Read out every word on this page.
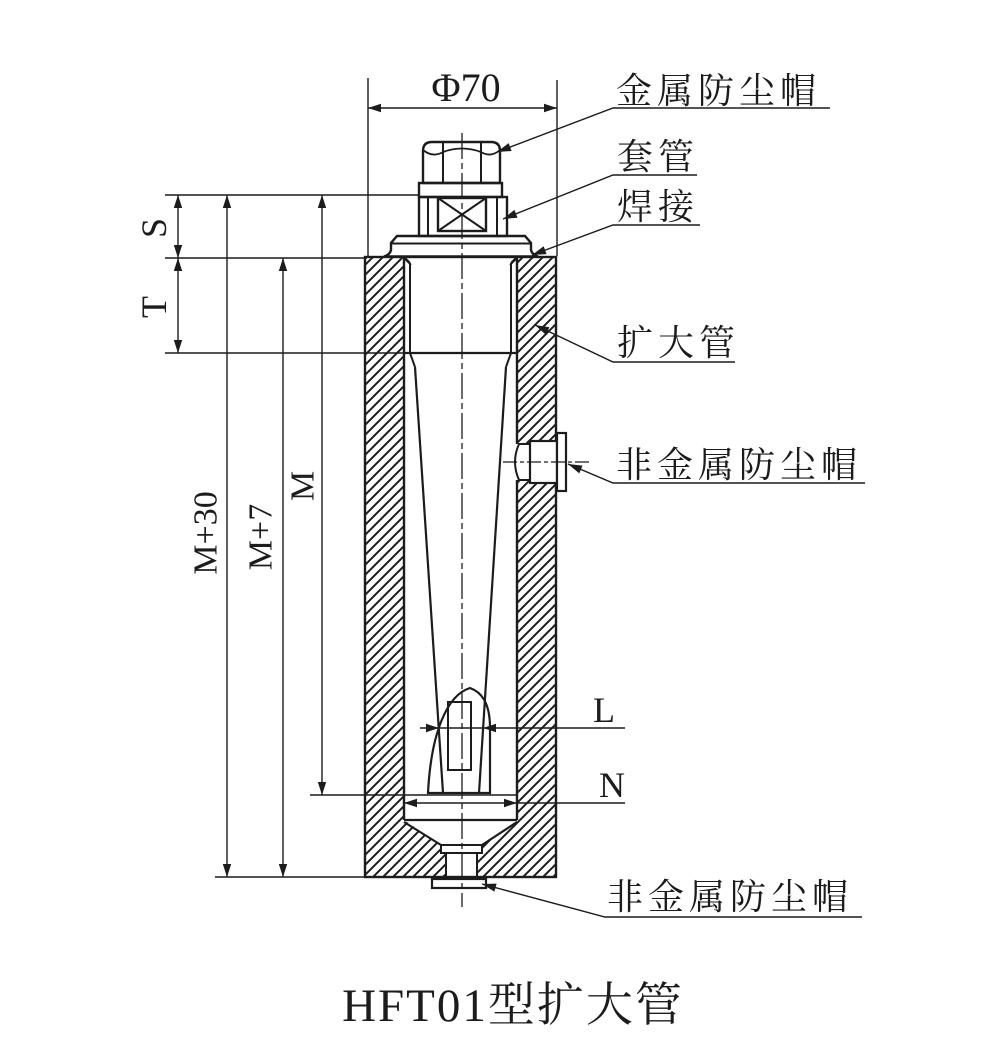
Φ70
S
T
M+30 M+7
M
L
N
金属防尘帽
套管
焊接
扩大管
非金属防尘帽
非金属防尘帽
HFT01型扩大管
